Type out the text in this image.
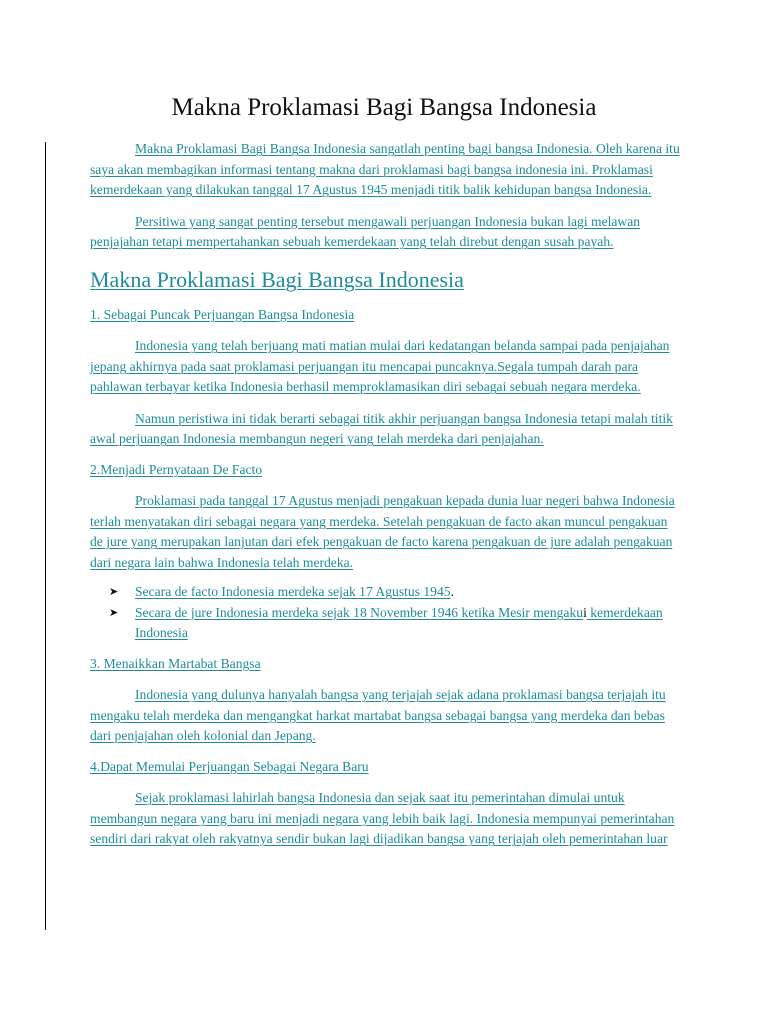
Makna Proklamasi Bagi Bangsa Indonesia

Makna Proklamasi Bagi Bangsa Indonesia sangatlah penting bagi bangsa Indonesia. Oleh karena itu saya akan membagikan informasi tentang makna dari proklamasi bagi bangsa indonesia ini. Proklamasi kemerdekaan yang dilakukan tanggal 17 Agustus 1945 menjadi titik balik kehidupan bangsa Indonesia.

Persitiwa yang sangat penting tersebut mengawali perjuangan Indonesia bukan lagi melawan penjajahan tetapi mempertahankan sebuah kemerdekaan yang telah direbut dengan susah payah.

Makna Proklamasi Bagi Bangsa Indonesia

1. Sebagai Puncak Perjuangan Bangsa Indonesia

Indonesia yang telah berjuang mati matian mulai dari kedatangan belanda sampai pada penjajahan jepang akhirnya pada saat proklamasi perjuangan itu mencapai puncaknya.Segala tumpah darah para pahlawan terbayar ketika Indonesia berhasil memproklamasikan diri sebagai sebuah negara merdeka.

Namun peristiwa ini tidak berarti sebagai titik akhir perjuangan bangsa Indonesia tetapi malah titik awal perjuangan Indonesia membangun negeri yang telah merdeka dari penjajahan.

2.Menjadi Pernyataan De Facto

Proklamasi pada tanggal 17 Agustus menjadi pengakuan kepada dunia luar negeri bahwa Indonesia terlah menyatakan diri sebagai negara yang merdeka. Setelah pengakuan de facto akan muncul pengakuan de jure yang merupakan lanjutan dari efek pengakuan de facto karena pengakuan de jure adalah pengakuan dari negara lain bahwa Indonesia telah merdeka.

➤ Secara de facto Indonesia merdeka sejak 17 Agustus 1945.
➤ Secara de jure Indonesia merdeka sejak 18 November 1946 ketika Mesir mengakui kemerdekaan Indonesia

3. Menaikkan Martabat Bangsa

Indonesia yang dulunya hanyalah bangsa yang terjajah sejak adana proklamasi bangsa terjajah itu mengaku telah merdeka dan mengangkat harkat martabat bangsa sebagai bangsa yang merdeka dan bebas dari penjajahan oleh kolonial dan Jepang.

4.Dapat Memulai Perjuangan Sebagai Negara Baru

Sejak proklamasi lahirlah bangsa Indonesia dan sejak saat itu pemerintahan dimulai untuk membangun negara yang baru ini menjadi negara yang lebih baik lagi. Indonesia mempunyai pemerintahan sendiri dari rakyat oleh rakyatnya sendir bukan lagi dijadikan bangsa yang terjajah oleh pemerintahan luar
